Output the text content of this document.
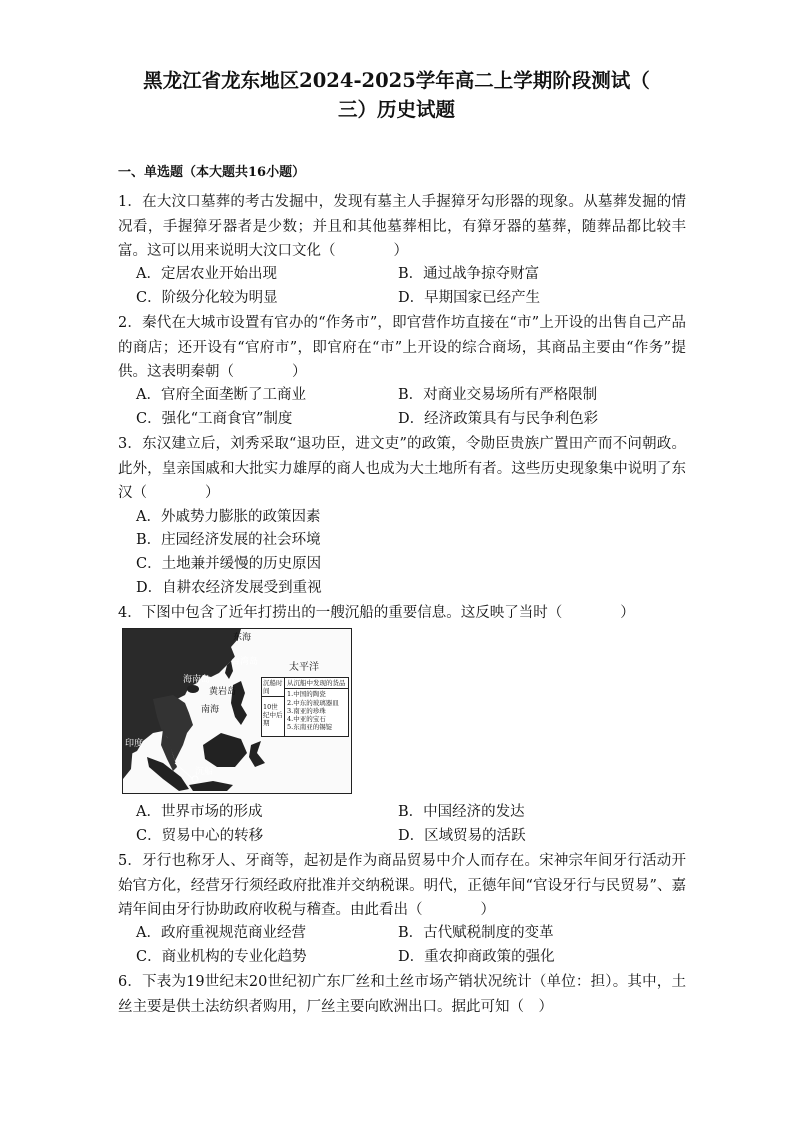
黑龙江省龙东地区2024-2025学年高二上学期阶段测试（
三）历史试题
一、单选题（本大题共16小题）
1．在大汶口墓葬的考古发掘中，发现有墓主人手握獐牙勾形器的现象。从墓葬发掘的情况看，手握獐牙器者是少数；并且和其他墓葬相比，有獐牙器的墓葬，随葬品都比较丰富。这可以用来说明大汶口文化（　　　　）
A．定居农业开始出现	B．通过战争掠夺财富
C．阶级分化较为明显	D．早期国家已经产生
2．秦代在大城市设置有官办的“作务市”，即官营作坊直接在“市”上开设的出售自己产品的商店；还开设有“官府市”，即官府在“市”上开设的综合商场，其商品主要由“作务”提供。这表明秦朝（　　　　）
A．官府全面垄断了工商业	B．对商业交易场所有严格限制
C．强化“工商食官”制度	D．经济政策具有与民争利色彩
3．东汉建立后，刘秀采取“退功臣，进文吏”的政策，令勋臣贵族广置田产而不问朝政。此外，皇亲国戚和大批实力雄厚的商人也成为大土地所有者。这些历史现象集中说明了东汉（　　　　）
A．外戚势力膨胀的政策因素
B．庄园经济发展的社会环境
C．土地兼并缓慢的历史原因
D．自耕农经济发展受到重视
4．下图中包含了近年打捞出的一艘沉船的重要信息。这反映了当时（　　　　）
东海
台湾岛	太平洋
海南岛
黄岩岛
南海
印度
沉船
沉船时间
10世纪中后期
从沉船中发现的货品
1.中国的陶瓷
2.中东的玻璃器皿
3.南亚的珍珠
4.中亚的宝石
5.东南亚的锡锭
A．世界市场的形成	B．中国经济的发达
C．贸易中心的转移	D．区域贸易的活跃
5．牙行也称牙人、牙商等，起初是作为商品贸易中介人而存在。宋神宗年间牙行活动开始官方化，经营牙行须经政府批准并交纳税课。明代，正德年间“官设牙行与民贸易”、嘉靖年间由牙行协助政府收税与稽查。由此看出（　　　　）
A．政府重视规范商业经营	B．古代赋税制度的变革
C．商业机构的专业化趋势	D．重农抑商政策的强化
6．下表为19世纪末20世纪初广东厂丝和土丝市场产销状况统计（单位：担）。其中，土丝主要是供土法纺织者购用，厂丝主要向欧洲出口。据此可知（　）
